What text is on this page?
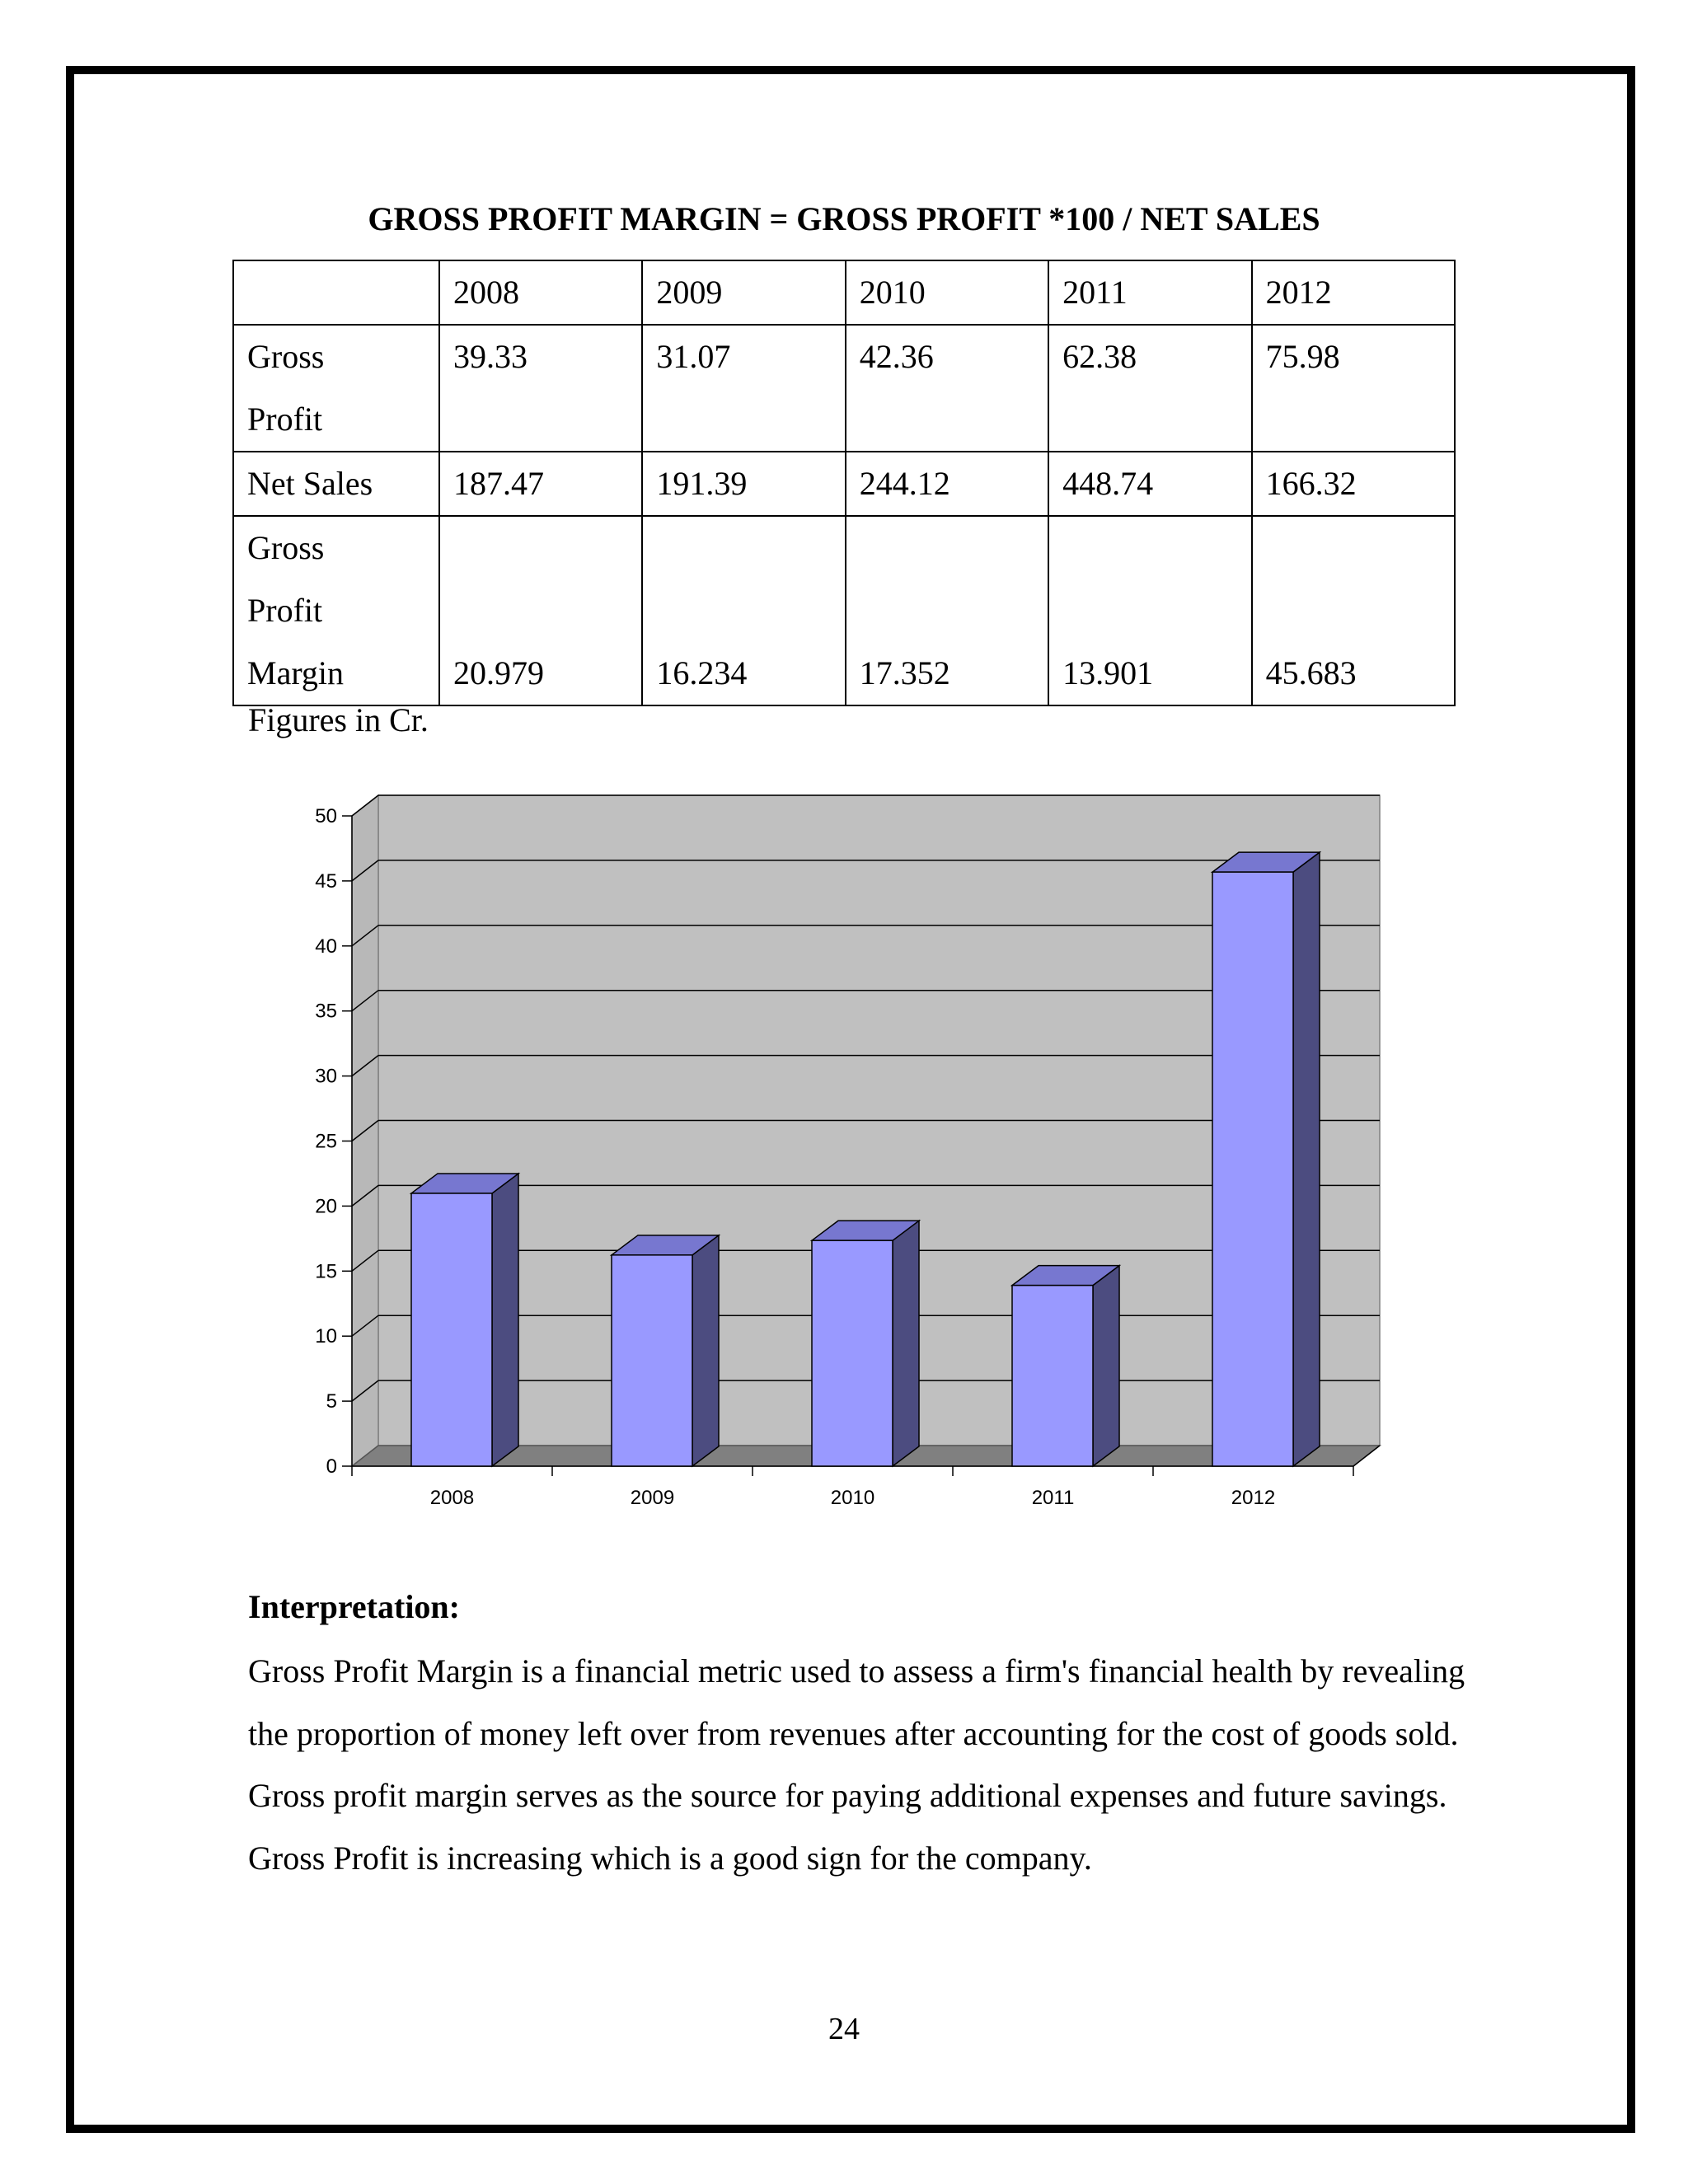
GROSS PROFIT MARGIN = GROSS PROFIT *100 / NET SALES
	2008	2009	2010	2011	2012

Gross
Profit	39.33	31.07	42.36	62.38	75.98

Net Sales	187.47	191.39	244.12	448.74	166.32

Gross
Profit
Margin	20.979	16.234	17.352	13.901	45.683
Figures in Cr.
0
5
10
15
20
25
30
35
40
45
50
2008	2009	2010	2011	2012
Interpretation:
Gross Profit Margin is a financial metric used to assess a firm's financial health by revealing the proportion of money left over from revenues after accounting for the cost of goods sold. Gross profit margin serves as the source for paying additional expenses and future savings. Gross Profit is increasing which is a good sign for the company.
24
